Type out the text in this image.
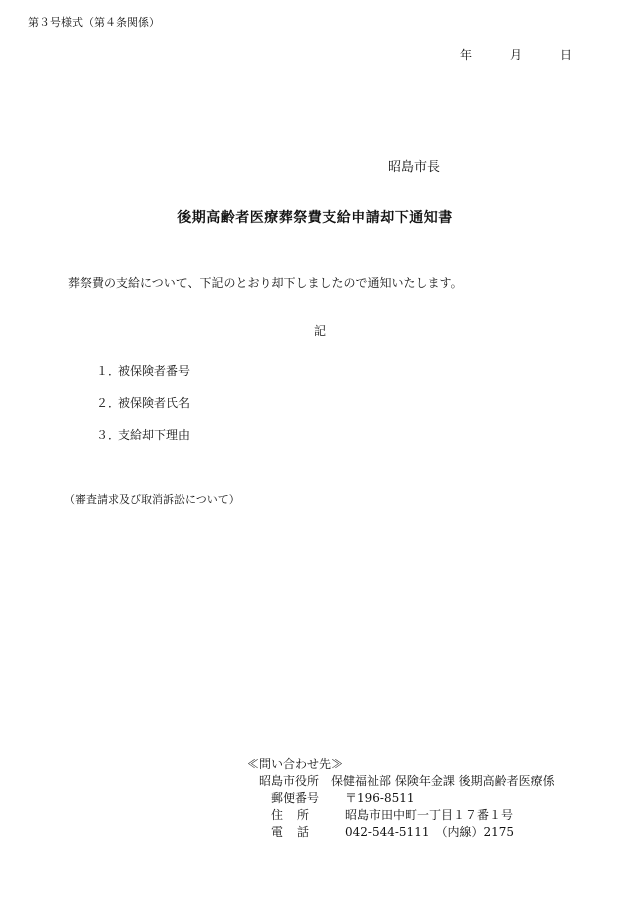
第３号様式（第４条関係）
年	月	日
昭島市長
後期高齢者医療葬祭費支給申請却下通知書
葬祭費の支給について、下記のとおり却下しましたので通知いたします。
記
１．被保険者番号
２．被保険者氏名
３．支給却下理由
（審査請求及び取消訴訟について）
≪問い合わせ先≫
昭島市役所　保健福祉部 保険年金課 後期高齢者医療係
郵便番号 〒196-8511
住所 昭島市田中町一丁目１７番１号
電話 042-544-5111　（内線）2175
